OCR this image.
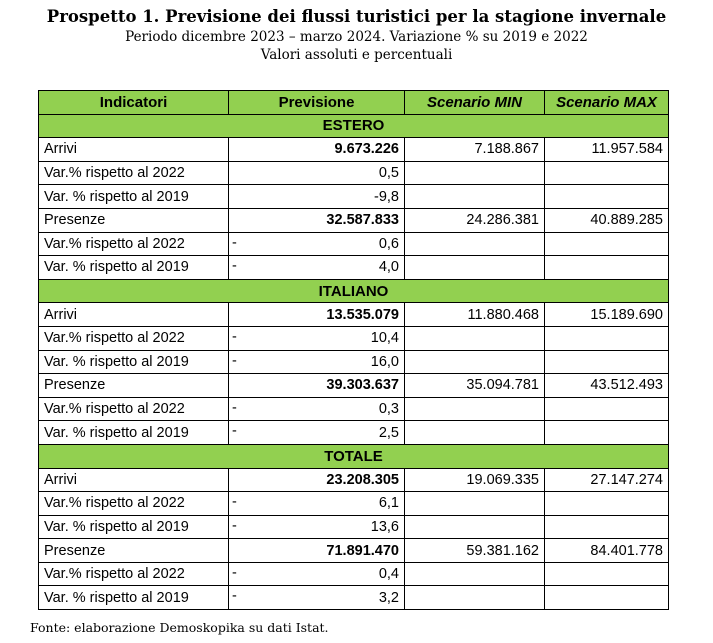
Prospetto 1. Previsione dei flussi turistici per la stagione invernale
Periodo dicembre 2023 – marzo 2024. Variazione % su 2019 e 2022
Valori assoluti e percentuali
Indicatori	Previsione	Scenario MIN	Scenario MAX
ESTERO			
Arrivi	9.673.226	7.188.867	11.957.584
Var.% rispetto al 2022	0,5		
Var. % rispetto al 2019	-9,8		
Presenze	32.587.833	24.286.381	40.889.285
Var.% rispetto al 2022	- 0,6		
Var. % rispetto al 2019	- 4,0		
ITALIANO			
Arrivi	13.535.079	11.880.468	15.189.690
Var.% rispetto al 2022	- 10,4		
Var. % rispetto al 2019	- 16,0		
Presenze	39.303.637	35.094.781	43.512.493
Var.% rispetto al 2022	- 0,3		
Var. % rispetto al 2019	- 2,5		
TOTALE			
Arrivi	23.208.305	19.069.335	27.147.274
Var.% rispetto al 2022	- 6,1		
Var. % rispetto al 2019	- 13,6		
Presenze	71.891.470	59.381.162	84.401.778
Var.% rispetto al 2022	- 0,4		
Var. % rispetto al 2019	- 3,2		
Fonte: elaborazione Demoskopika su dati Istat.
